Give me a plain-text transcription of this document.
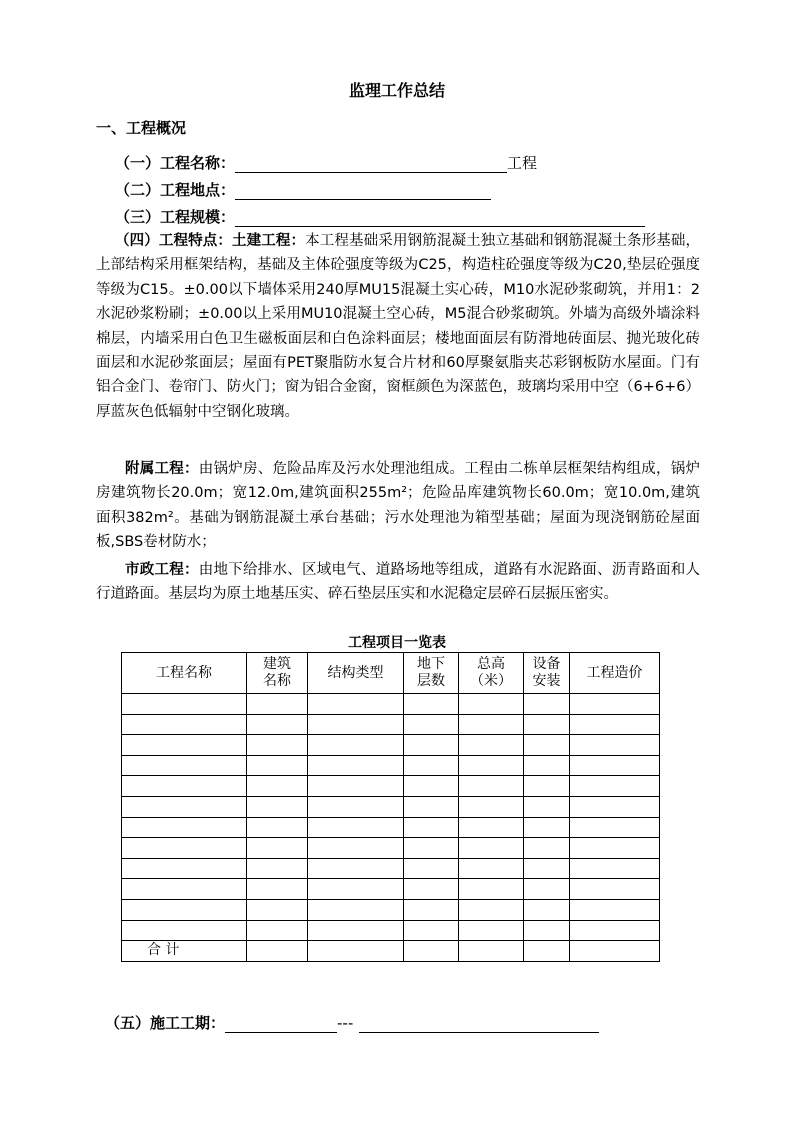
监理工作总结
一、工程概况
（一）工程名称：	工程
（二）工程地点：
（三）工程规模：
（四）工程特点：土建工程：本工程基础采用钢筋混凝土独立基础和钢筋混凝土条形基础，上部结构采用框架结构，基础及主体砼强度等级为C25，构造柱砼强度等级为C20,垫层砼强度等级为C15。±0.00以下墙体采用240厚MU15混凝土实心砖，M10水泥砂浆砌筑，并用1：2水泥砂浆粉刷；±0.00以上采用MU10混凝土空心砖，M5混合砂浆砌筑。外墙为高级外墙涂料棉层，内墙采用白色卫生磁板面层和白色涂料面层；楼地面面层有防滑地砖面层、抛光玻化砖面层和水泥砂浆面层；屋面有PET聚脂防水复合片材和60厚聚氨脂夹芯彩钢板防水屋面。门有铝合金门、卷帘门、防火门；窗为铝合金窗，窗框颜色为深蓝色，玻璃均采用中空（6+6+6）厚蓝灰色低辐射中空钢化玻璃。
附属工程：由锅炉房、危险品库及污水处理池组成。工程由二栋单层框架结构组成，锅炉房建筑物长20.0m；宽12.0m,建筑面积255m²；危险品库建筑物长60.0m；宽10.0m,建筑面积382m²。基础为钢筋混凝土承台基础；污水处理池为箱型基础；屋面为现浇钢筋砼屋面板,SBS卷材防水；
市政工程：由地下给排水、区域电气、道路场地等组成，道路有水泥路面、沥青路面和人行道路面。基层均为原土地基压实、碎石垫层压实和水泥稳定层碎石层振压密实。
工程项目一览表
工程名称	建筑名称	结构类型	地下层数	总高（米）	设备安装	工程造价

合 计						
（五）施工工期：	---
